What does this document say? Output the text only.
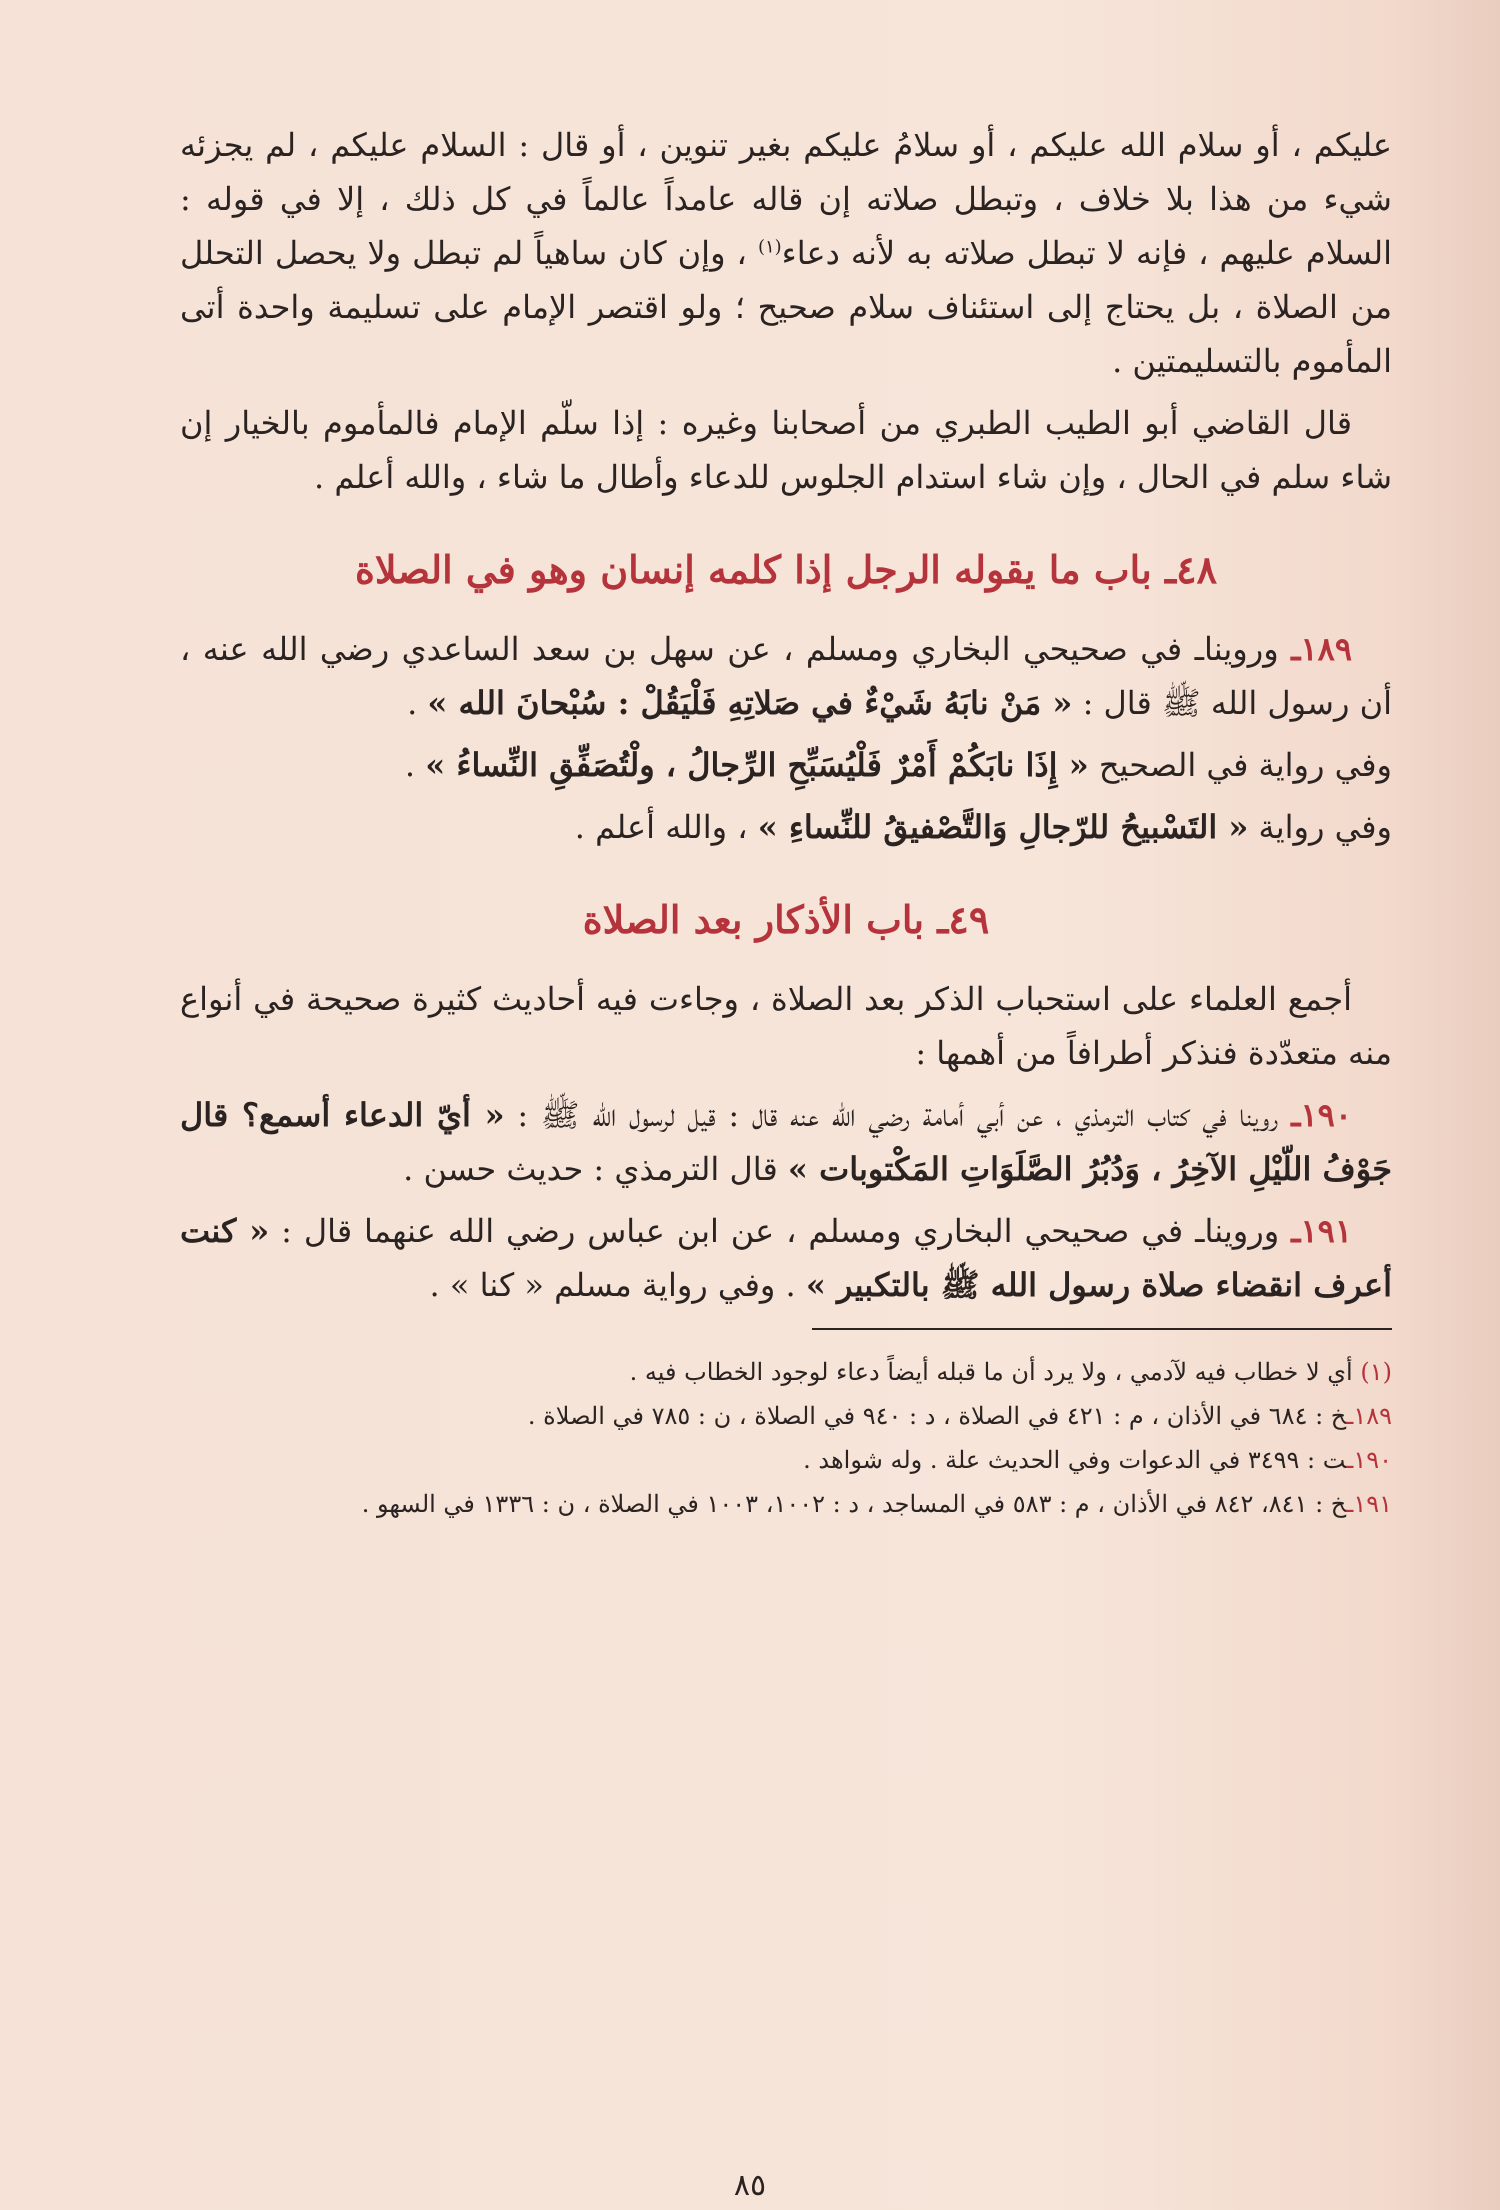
عليكم ، أو سلام الله عليكم ، أو سلامُ عليكم بغير تنوين ، أو قال : السلام عليكم ، لم يجزئه شيء من هذا بلا خلاف ، وتبطل صلاته إن قاله عامداً عالماً في كل ذلك ، إلا في قوله : السلام عليهم ، فإنه لا تبطل صلاته به لأنه دعاء$^{(١)}$ ، وإن كان ساهياً لم تبطل ولا يحصل التحلل من الصلاة ، بل يحتاج إلى استئناف سلام صحيح ؛ ولو اقتصر الإمام على تسليمة واحدة أتى المأموم بالتسليمتين .

قال القاضي أبو الطيب الطبري من أصحابنا وغيره : إذا سلّم الإمام فالمأموم بالخيار إن شاء سلم في الحال ، وإن شاء استدام الجلوس للدعاء وأطال ما شاء ، والله أعلم .

٤٨ـ باب ما يقوله الرجل إذا كلمه إنسان وهو في الصلاة

١٨٩ـ ورويناـ في صحيحي البخاري ومسلم ، عن سهل بن سعد الساعدي رضي الله عنه ، أن رسول الله ﷺ قال : « مَنْ نابَهُ شَيْءٌ في صَلاتِهِ فَلْيَقُلْ : سُبْحانَ الله » .

وفي رواية في الصحيح « إِذَا نابَكُمْ أَمْرٌ فَلْيُسَبِّحِ الرِّجالُ ، ولْتُصَفِّقِ النِّساءُ » .

وفي رواية « التَسْبيحُ للرّجالِ وَالتَّصْفيقُ للنِّساءِ » ، والله أعلم .

٤٩ـ باب الأذكار بعد الصلاة

أجمع العلماء على استحباب الذكر بعد الصلاة ، وجاءت فيه أحاديث كثيرة صحيحة في أنواع منه متعدّدة فنذكر أطرافاً من أهمها :

١٩٠ـ روينا في كتاب الترمذي ، عن أبي أمامة رضي الله عنه قال : قيل لرسول الله ﷺ : « أيّ الدعاء أسمع؟ قال جَوْفُ اللّيْلِ الآخِرُ ، وَدُبُرُ الصَّلَوَاتِ المَكْتوبات » قال الترمذي : حديث حسن .

١٩١ـ ورويناـ في صحيحي البخاري ومسلم ، عن ابن عباس رضي الله عنهما قال : « كنت أعرف انقضاء صلاة رسول الله ﷺ بالتكبير » . وفي رواية مسلم « كنا » .

(١) أي لا خطاب فيه لآدمي ، ولا يرد أن ما قبله أيضاً دعاء لوجود الخطاب فيه .

١٨٩ـخ : ٦٨٤ في الأذان ، م : ٤٢١ في الصلاة ، د : ٩٤٠ في الصلاة ، ن : ٧٨٥ في الصلاة .

١٩٠ـت : ٣٤٩٩ في الدعوات وفي الحديث علة . وله شواهد .

١٩١ـخ : ٨٤١، ٨٤٢ في الأذان ، م : ٥٨٣ في المساجد ، د : ١٠٠٢، ١٠٠٣ في الصلاة ، ن : ١٣٣٦ في السهو .

٨٥
